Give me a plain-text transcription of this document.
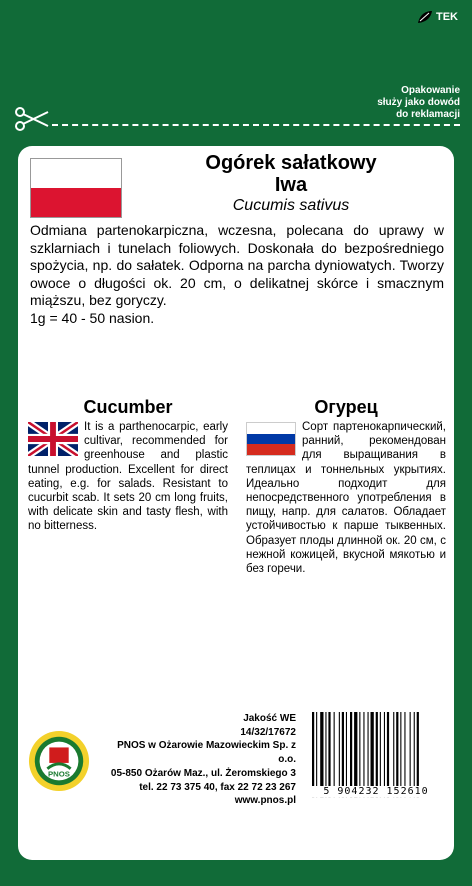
TEK
Opakowanie
służy jako dowód
do reklamacji
Ogórek sałatkowy
Iwa
Cucumis sativus
Odmiana partenokarpiczna, wczesna, polecana do uprawy w szklarniach i tunelach foliowych. Doskonała do bezpośredniego spożycia, np. do sałatek. Odporna na parcha dyniowatych. Tworzy owoce o długości ok. 20 cm, o delikatnej skórce i smacznym miąższu, bez goryczy.
1g = 40 - 50 nasion.
Cucumber
It is a parthenocarpic, early cultivar, recommended for greenhouse and plastic tunnel production. Excellent for direct eating, e.g. for salads. Resistant to cucurbit scab. It sets 20 cm long fruits, with delicate skin and tasty flesh, with no bitterness.
Огурец
Сорт партенокарпический, ранний, рекомендован для выращивания в теплицах и тоннельных укрытиях. Идеально подходит для непосредственного употребления в пищу, напр. для салатов. Обладает устойчивостью к парше тыквенных. Образует плоды длинной ок. 20 см, с нежной кожицей, вкусной мякотью и без горечи.
PNOS
Jakość WE
14/32/17672
PNOS w Ożarowie Mazowieckim Sp. z o.o.
05-850 Ożarów Maz., ul. Żeromskiego 3
tel. 22 73 375 40, fax 22 72 23 267
www.pnos.pl
5 904232 152610
